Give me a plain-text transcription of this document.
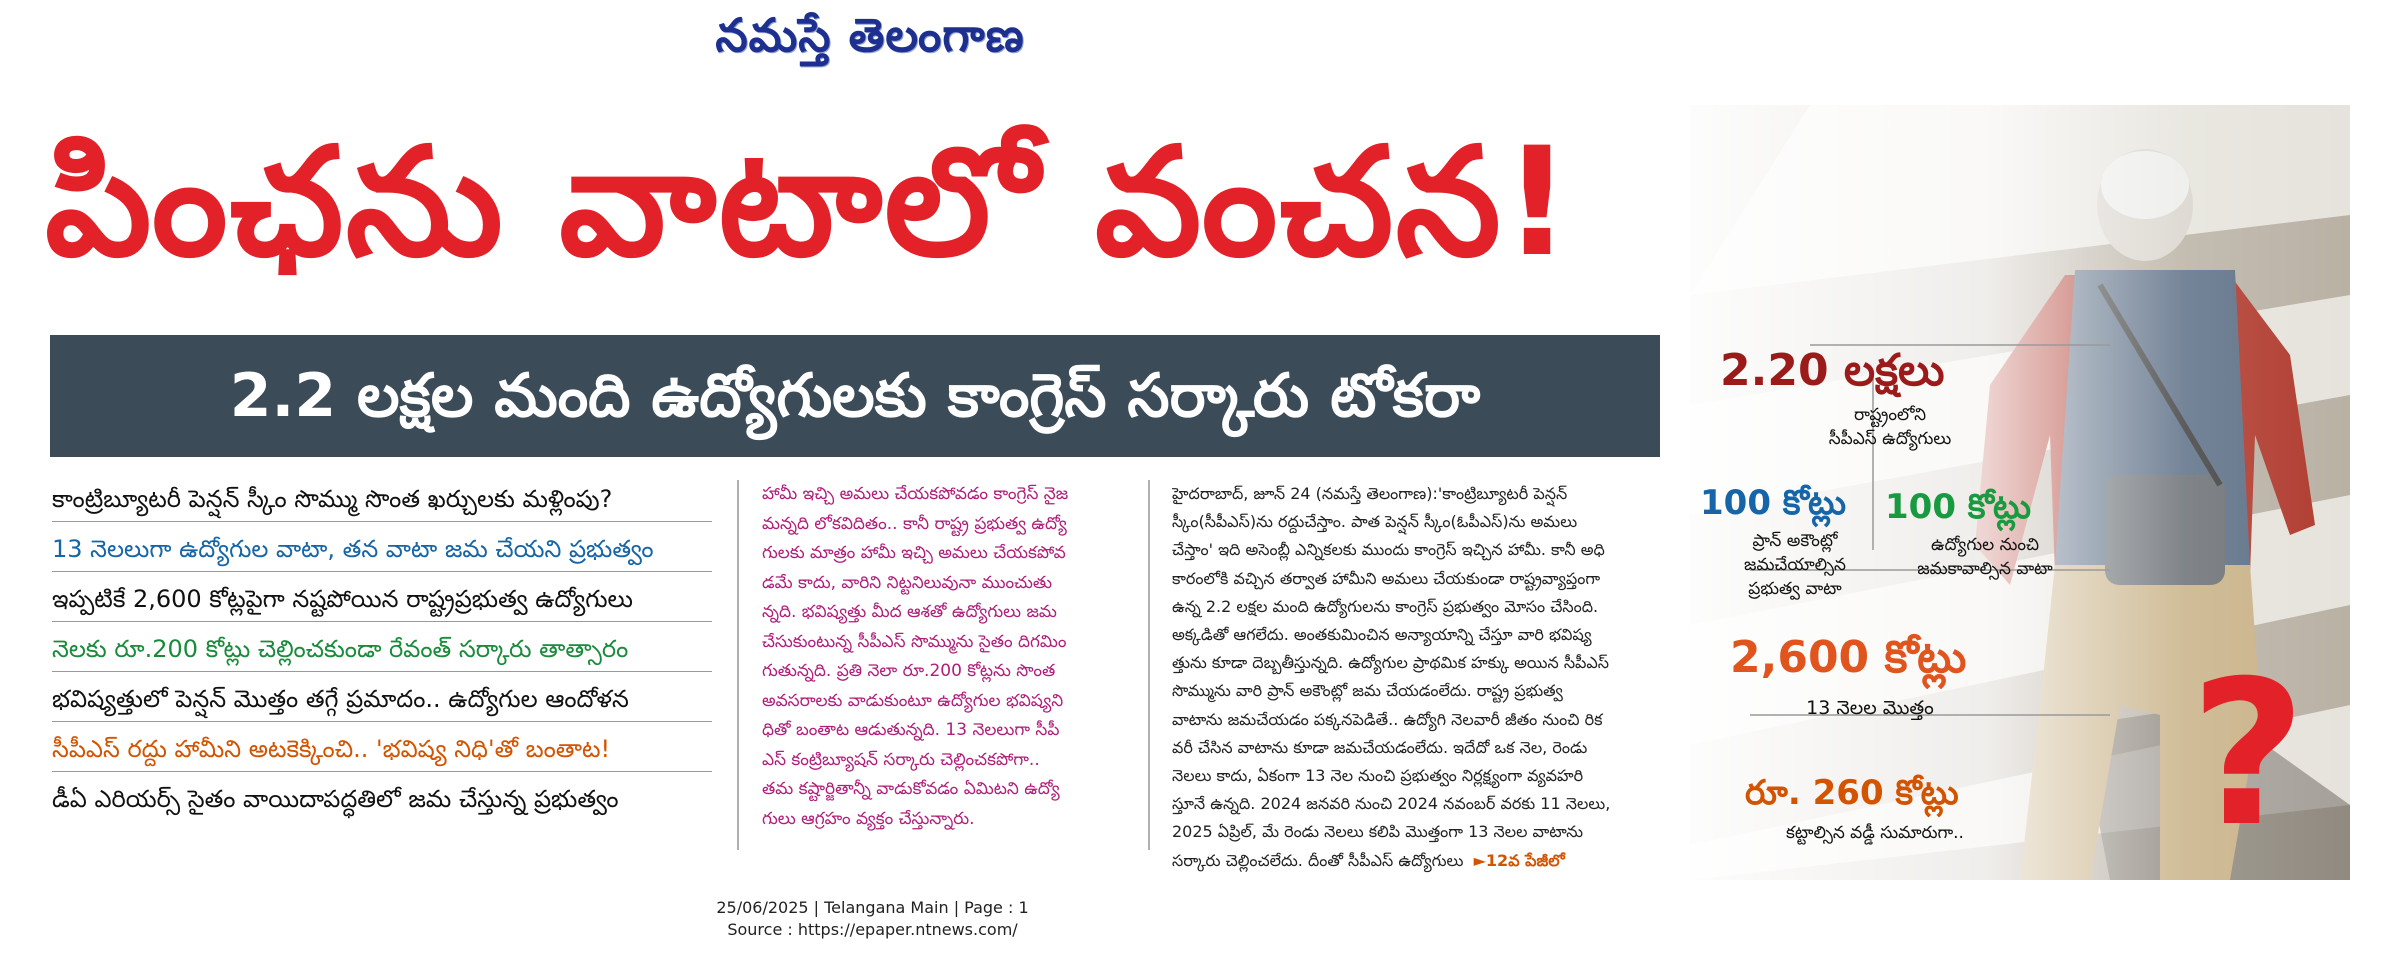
నమస్తే తెలంగాణ
పింఛను వాటాలో వంచన!
2.2 లక్షల మంది ఉద్యోగులకు కాంగ్రెస్ సర్కారు టోకరా
కాంట్రిబ్యూటరీ పెన్షన్ స్కీం సొమ్ము సొంత ఖర్చులకు మళ్లింపు?
13 నెలలుగా ఉద్యోగుల వాటా, తన వాటా జమ చేయని ప్రభుత్వం
ఇప్పటికే 2,600 కోట్లపైగా నష్టపోయిన రాష్ట్రప్రభుత్వ ఉద్యోగులు
నెలకు రూ.200 కోట్లు చెల్లించకుండా రేవంత్ సర్కారు తాత్సారం
భవిష్యత్తులో పెన్షన్ మొత్తం తగ్గే ప్రమాదం.. ఉద్యోగుల ఆందోళన
సీపీఎస్ రద్దు హామీని అటకెక్కించి.. 'భవిష్య నిధి'తో బంతాట!
డీఏ ఎరియర్స్ సైతం వాయిదాపద్ధతిలో జమ చేస్తున్న ప్రభుత్వం

హామీ ఇచ్చి అమలు చేయకపోవడం కాంగ్రెస్ నైజ

మన్నది లోకవిదితం.. కానీ రాష్ట్ర ప్రభుత్వ ఉద్యో

గులకు మాత్రం హామీ ఇచ్చి అమలు చేయకపోవ

డమే కాదు, వారిని నిట్టనిలువునా ముంచుతు

న్నది. భవిష్యత్తు మీద ఆశతో ఉద్యోగులు జమ

చేసుకుంటున్న సీపీఎస్ సొమ్మును సైతం దిగమిం

గుతున్నది. ప్రతి నెలా రూ.200 కోట్లను సొంత

అవసరాలకు వాడుకుంటూ ఉద్యోగుల భవిష్యని

ధితో బంతాట ఆడుతున్నది. 13 నెలలుగా సీపీ

ఎస్ కంట్రిబ్యూషన్ సర్కారు చెల్లించకపోగా..

తమ కష్టార్జితాన్నీ వాడుకోవడం ఏమిటని ఉద్యో

గులు ఆగ్రహం వ్యక్తం చేస్తున్నారు.

హైదరాబాద్, జూన్ 24 (నమస్తే తెలంగాణ):'కాంట్రిబ్యూటరీ పెన్షన్

స్కీం(సీపీఎస్)ను రద్దుచేస్తాం. పాత పెన్షన్ స్కీం(ఓపీఎస్)ను అమలు

చేస్తాం' ఇది అసెంబ్లీ ఎన్నికలకు ముందు కాంగ్రెస్ ఇచ్చిన హామీ. కానీ అధి

కారంలోకి వచ్చిన తర్వాత హామీని అమలు చేయకుండా రాష్ట్రవ్యాప్తంగా

ఉన్న 2.2 లక్షల మంది ఉద్యోగులను కాంగ్రెస్ ప్రభుత్వం మోసం చేసింది.

అక్కడితో ఆగలేదు. అంతకుమించిన అన్యాయాన్ని చేస్తూ వారి భవిష్య

త్తును కూడా దెబ్బతీస్తున్నది. ఉద్యోగుల ప్రాథమిక హక్కు అయిన సీపీఎస్

సొమ్మును వారి ప్రాన్ అకౌంట్లో జమ చేయడంలేదు. రాష్ట్ర ప్రభుత్వ

వాటాను జమచేయడం పక్కనపెడితే.. ఉద్యోగి నెలవారీ జీతం నుంచి రిక

వరీ చేసిన వాటాను కూడా జమచేయడంలేదు. ఇదేదో ఒక నెల, రెండు

నెలలు కాదు, ఏకంగా 13 నెల నుంచి ప్రభుత్వం నిర్లక్ష్యంగా వ్యవహరి

స్తూనే ఉన్నది. 2024 జనవరి నుంచి 2024 నవంబర్ వరకు 11 నెలలు,

2025 ఏప్రిల్, మే రెండు నెలలు కలిపి మొత్తంగా 13 నెలల వాటాను

సర్కారు చెల్లించలేదు. దీంతో సీపీఎస్ ఉద్యోగులు ►12వ పేజీలో

2.20 లక్షలు
రాష్ట్రంలోని
సీపీఎస్ ఉద్యోగులు
100 కోట్లు
ప్రాన్ అకౌంట్లో
జమచేయాల్సిన
ప్రభుత్వ వాటా
100 కోట్లు
ఉద్యోగుల నుంచి
జమకావాల్సిన వాటా
2,600 కోట్లు
13 నెలల మొత్తం
రూ. 260 కోట్లు
కట్టాల్సిన వడ్డీ సుమారుగా.. ?
25/06/2025 | Telangana Main | Page : 1
Source : https://epaper.ntnews.com/
